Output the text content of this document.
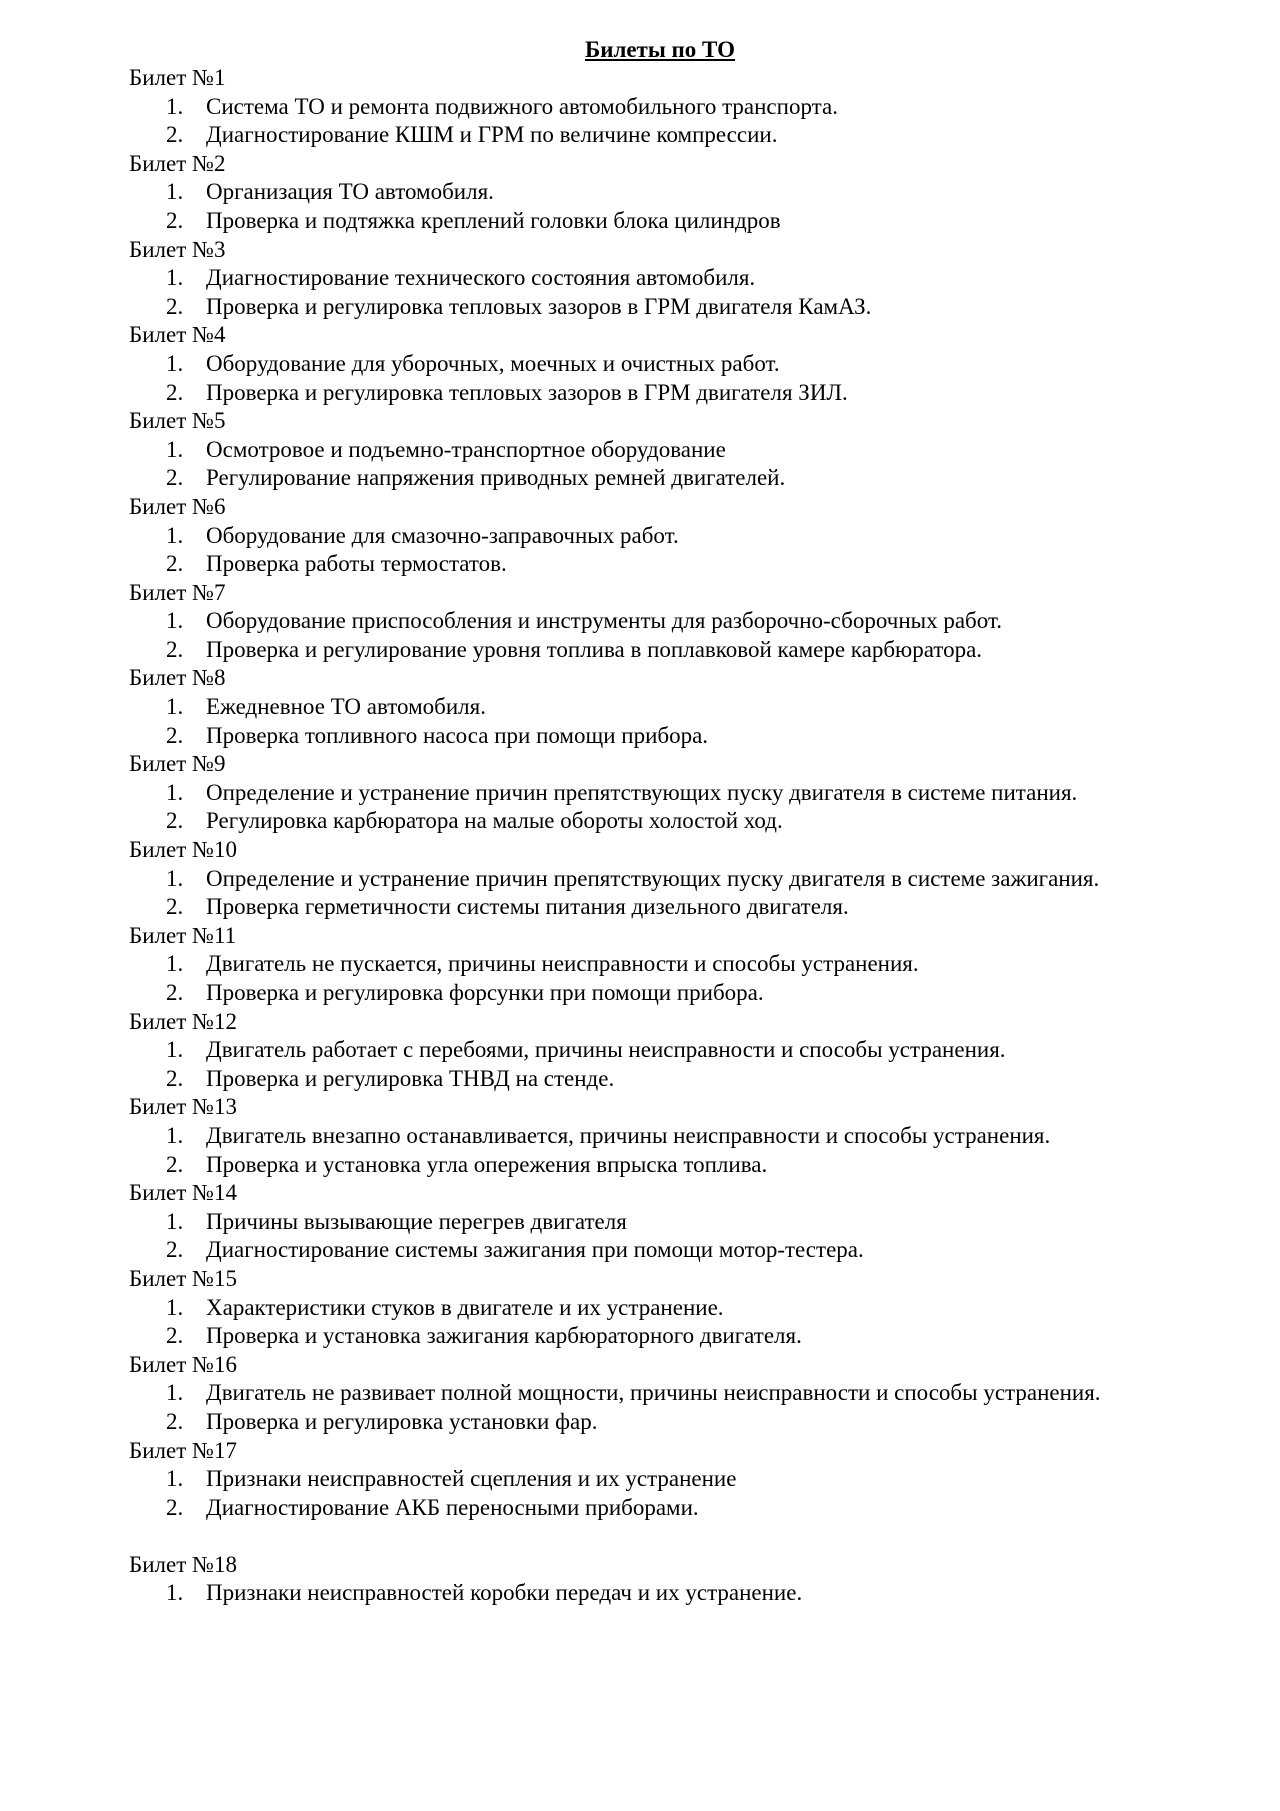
Билеты по ТО
Билет №1
1. Система ТО и ремонта подвижного автомобильного транспорта.
2. Диагностирование КШМ и ГРМ по величине компрессии.
Билет №2
1. Организация ТО автомобиля.
2. Проверка и подтяжка креплений головки блока цилиндров
Билет №3
1. Диагностирование технического состояния автомобиля.
2. Проверка и регулировка тепловых зазоров в ГРМ двигателя КамАЗ.
Билет №4
1. Оборудование для уборочных, моечных и очистных работ.
2. Проверка и регулировка тепловых зазоров в ГРМ двигателя ЗИЛ.
Билет №5
1. Осмотровое и подъемно-транспортное оборудование
2. Регулирование напряжения приводных ремней двигателей.
Билет №6
1. Оборудование для смазочно-заправочных работ.
2. Проверка работы термостатов.
Билет №7
1. Оборудование приспособления и инструменты для разборочно-сборочных работ.
2. Проверка и регулирование уровня топлива в поплавковой камере карбюратора.
Билет №8
1. Ежедневное ТО автомобиля.
2. Проверка топливного насоса при помощи прибора.
Билет №9
1. Определение и устранение причин препятствующих пуску двигателя в системе питания.
2. Регулировка карбюратора на малые обороты холостой ход.
Билет №10
1. Определение и устранение причин препятствующих пуску двигателя в системе зажигания.
2. Проверка герметичности системы питания дизельного двигателя.
Билет №11
1. Двигатель не пускается, причины неисправности и способы устранения.
2. Проверка и регулировка форсунки при помощи прибора.
Билет №12
1. Двигатель работает с перебоями, причины неисправности и способы устранения.
2. Проверка и регулировка ТНВД на стенде.
Билет №13
1. Двигатель внезапно останавливается, причины неисправности и способы устранения.
2. Проверка и установка угла опережения впрыска топлива.
Билет №14
1. Причины вызывающие перегрев двигателя
2. Диагностирование системы зажигания при помощи мотор-тестера.
Билет №15
1. Характеристики стуков в двигателе и их устранение.
2. Проверка и установка зажигания карбюраторного двигателя.
Билет №16
1. Двигатель не развивает полной мощности, причины неисправности и способы устранения.
2. Проверка и регулировка установки фар.
Билет №17
1. Признаки неисправностей сцепления и их устранение
2. Диагностирование АКБ переносными приборами.
Билет №18
1. Признаки неисправностей коробки передач и их устранение.
